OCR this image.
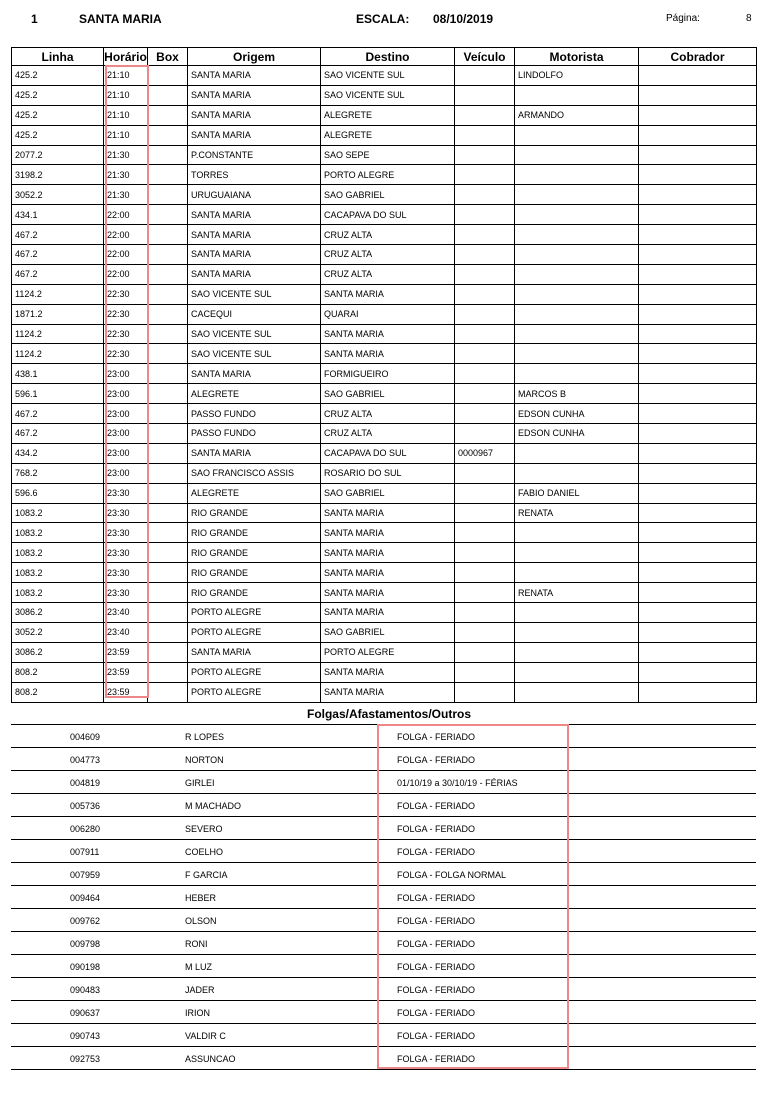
1	SANTA MARIA	ESCALA: 08/10/2019	Página:	8
Linha	Horário	Box	Origem	Destino	Veículo	Motorista	Cobrador
425.2	21:10		SANTA MARIA	SAO VICENTE SUL		LINDOLFO	
425.2	21:10		SANTA MARIA	SAO VICENTE SUL			
425.2	21:10		SANTA MARIA	ALEGRETE		ARMANDO	
425.2	21:10		SANTA MARIA	ALEGRETE			
2077.2	21:30		P.CONSTANTE	SAO SEPE			
3198.2	21:30		TORRES	PORTO ALEGRE			
3052.2	21:30		URUGUAIANA	SAO GABRIEL			
434.1	22:00		SANTA MARIA	CACAPAVA DO SUL			
467.2	22:00		SANTA MARIA	CRUZ ALTA			
467.2	22:00		SANTA MARIA	CRUZ ALTA			
467.2	22:00		SANTA MARIA	CRUZ ALTA			
1124.2	22:30		SAO VICENTE SUL	SANTA MARIA			
1871.2	22:30		CACEQUI	QUARAI			
1124.2	22:30		SAO VICENTE SUL	SANTA MARIA			
1124.2	22:30		SAO VICENTE SUL	SANTA MARIA			
438.1	23:00		SANTA MARIA	FORMIGUEIRO			
596.1	23:00		ALEGRETE	SAO GABRIEL		MARCOS B	
467.2	23:00		PASSO FUNDO	CRUZ ALTA		EDSON CUNHA	
467.2	23:00		PASSO FUNDO	CRUZ ALTA		EDSON CUNHA	
434.2	23:00		SANTA MARIA	CACAPAVA DO SUL	0000967		
768.2	23:00		SAO FRANCISCO ASSIS	ROSARIO DO SUL			
596.6	23:30		ALEGRETE	SAO GABRIEL		FABIO DANIEL	
1083.2	23:30		RIO GRANDE	SANTA MARIA		RENATA	
1083.2	23:30		RIO GRANDE	SANTA MARIA			
1083.2	23:30		RIO GRANDE	SANTA MARIA			
1083.2	23:30		RIO GRANDE	SANTA MARIA			
1083.2	23:30		RIO GRANDE	SANTA MARIA		RENATA	
3086.2	23:40		PORTO ALEGRE	SANTA MARIA			
3052.2	23:40		PORTO ALEGRE	SAO GABRIEL			
3086.2	23:59		SANTA MARIA	PORTO ALEGRE			
808.2	23:59		PORTO ALEGRE	SANTA MARIA			
808.2	23:59		PORTO ALEGRE	SANTA MARIA			
Folgas/Afastamentos/Outros
004609	R LOPES	FOLGA - FERIADO
004773	NORTON	FOLGA - FERIADO
004819	GIRLEI	01/10/19 a 30/10/19 - FÉRIAS
005736	M MACHADO	FOLGA - FERIADO
006280	SEVERO	FOLGA - FERIADO
007911	COELHO	FOLGA - FERIADO
007959	F GARCIA	FOLGA - FOLGA NORMAL
009464	HEBER	FOLGA - FERIADO
009762	OLSON	FOLGA - FERIADO
009798	RONI	FOLGA - FERIADO
090198	M LUZ	FOLGA - FERIADO
090483	JADER	FOLGA - FERIADO
090637	IRION	FOLGA - FERIADO
090743	VALDIR C	FOLGA - FERIADO
092753	ASSUNCAO	FOLGA - FERIADO
